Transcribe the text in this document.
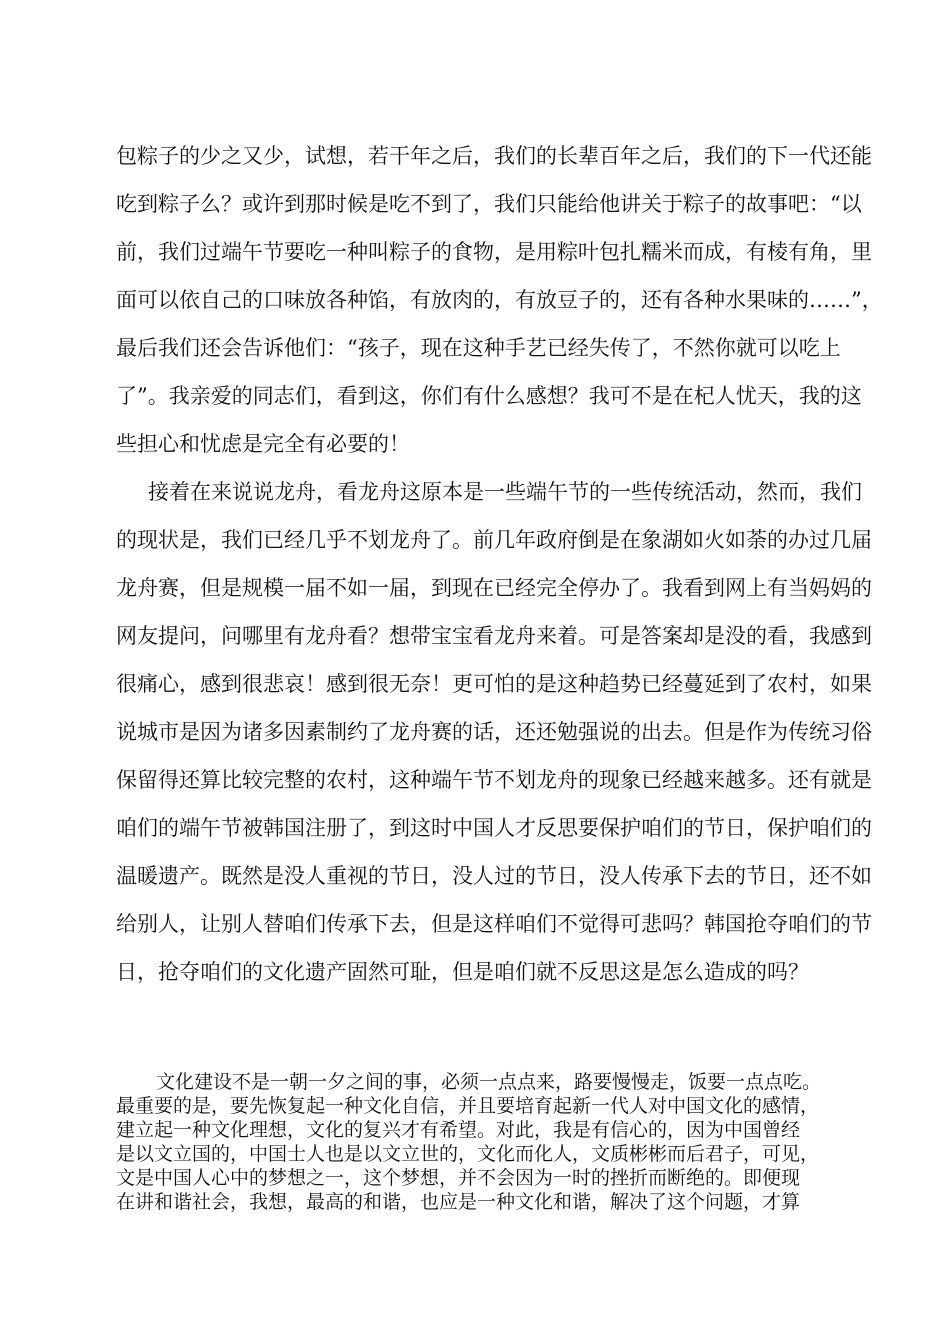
包粽子的少之又少，试想，若干年之后，我们的长辈百年之后，我们的下一代还能
吃到粽子么？或许到那时候是吃不到了，我们只能给他讲关于粽子的故事吧：“以
前，我们过端午节要吃一种叫粽子的食物，是用粽叶包扎糯米而成，有棱有角，里
面可以依自己的口味放各种馅，有放肉的，有放豆子的，还有各种水果味的……”，
最后我们还会告诉他们：“孩子，现在这种手艺已经失传了，不然你就可以吃上
了”。我亲爱的同志们，看到这，你们有什么感想？我可不是在杞人忧天，我的这
些担心和忧虑是完全有必要的！
接着在来说说龙舟，看龙舟这原本是一些端午节的一些传统活动，然而，我们
的现状是，我们已经几乎不划龙舟了。前几年政府倒是在象湖如火如荼的办过几届
龙舟赛，但是规模一届不如一届，到现在已经完全停办了。我看到网上有当妈妈的
网友提问，问哪里有龙舟看？想带宝宝看龙舟来着。可是答案却是没的看，我感到
很痛心，感到很悲哀！感到很无奈！更可怕的是这种趋势已经蔓延到了农村，如果
说城市是因为诸多因素制约了龙舟赛的话，还还勉强说的出去。但是作为传统习俗
保留得还算比较完整的农村，这种端午节不划龙舟的现象已经越来越多。还有就是
咱们的端午节被韩国注册了，到这时中国人才反思要保护咱们的节日，保护咱们的
温暖遗产。既然是没人重视的节日，没人过的节日，没人传承下去的节日，还不如
给别人，让别人替咱们传承下去，但是这样咱们不觉得可悲吗？韩国抢夺咱们的节
日，抢夺咱们的文化遗产固然可耻，但是咱们就不反思这是怎么造成的吗？
文化建设不是一朝一夕之间的事，必须一点点来，路要慢慢走，饭要一点点吃。
最重要的是，要先恢复起一种文化自信，并且要培育起新一代人对中国文化的感情，
建立起一种文化理想，文化的复兴才有希望。对此，我是有信心的，因为中国曾经
是以文立国的，中国士人也是以文立世的，文化而化人，文质彬彬而后君子，可见，
文是中国人心中的梦想之一，这个梦想，并不会因为一时的挫折而断绝的。即便现
在讲和谐社会，我想，最高的和谐，也应是一种文化和谐，解决了这个问题，才算
